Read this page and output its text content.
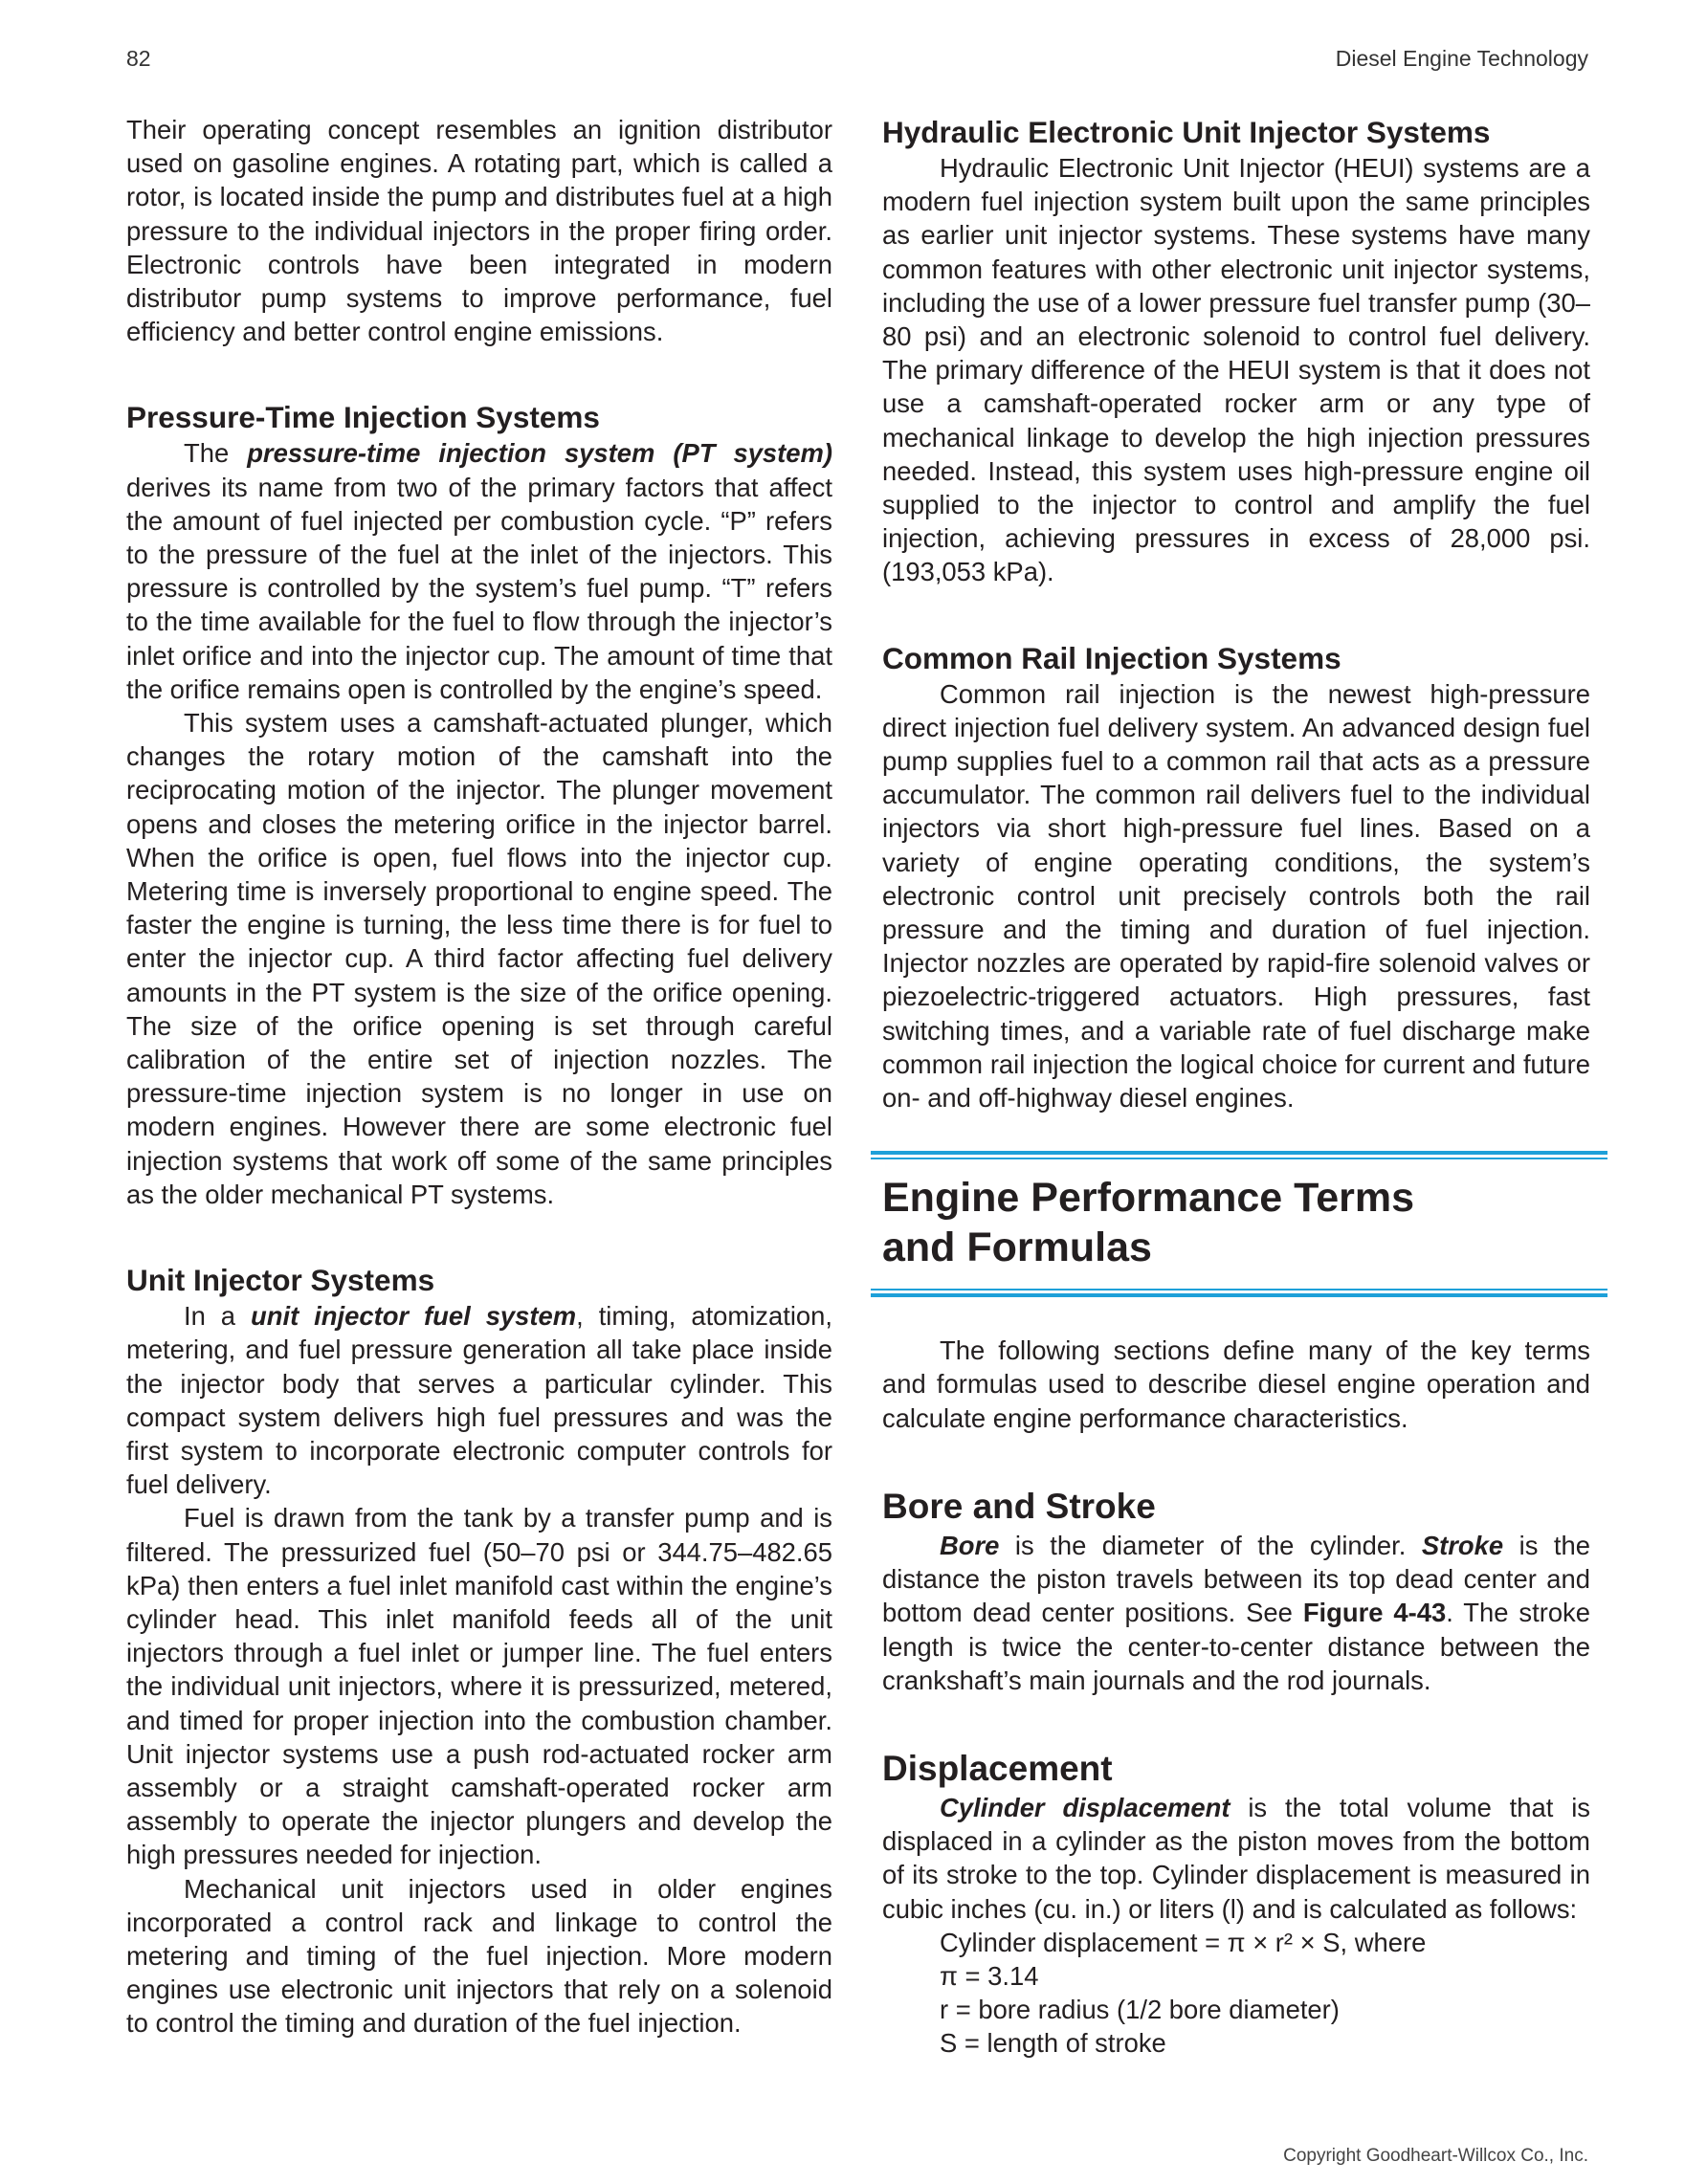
82	Diesel Engine Technology

Their operating concept resembles an ignition distributor used on gasoline engines. A rotating part, which is called a rotor, is located inside the pump and distributes fuel at a high pressure to the individual injectors in the proper firing order. Electronic controls have been integrated in modern distributor pump systems to improve performance, fuel efficiency and better control engine emissions.

Pressure-Time Injection Systems

The pressure-time injection system (PT system) derives its name from two of the primary factors that affect the amount of fuel injected per combustion cycle. “P” refers to the pressure of the fuel at the inlet of the injectors. This pressure is controlled by the system’s fuel pump. “T” refers to the time available for the fuel to flow through the injector’s inlet orifice and into the injector cup. The amount of time that the orifice remains open is controlled by the engine’s speed.

This system uses a camshaft-actuated plunger, which changes the rotary motion of the camshaft into the reciprocating motion of the injector. The plunger movement opens and closes the metering orifice in the injector barrel. When the orifice is open, fuel flows into the injector cup. Metering time is inversely proportional to engine speed. The faster the engine is turning, the less time there is for fuel to enter the injector cup. A third factor affecting fuel delivery amounts in the PT system is the size of the orifice opening. The size of the orifice opening is set through careful calibration of the entire set of injection nozzles. The pressure-time injection system is no longer in use on modern engines. However there are some electronic fuel injection systems that work off some of the same principles as the older mechanical PT systems.

Unit Injector Systems

In a unit injector fuel system, timing, atomization, metering, and fuel pressure generation all take place inside the injector body that serves a particular cylinder. This compact system delivers high fuel pressures and was the first system to incorporate electronic computer controls for fuel delivery.

Fuel is drawn from the tank by a transfer pump and is filtered. The pressurized fuel (50–70 psi or 344.75–482.65 kPa) then enters a fuel inlet manifold cast within the engine’s cylinder head. This inlet manifold feeds all of the unit injectors through a fuel inlet or jumper line. The fuel enters the individual unit injectors, where it is pressurized, metered, and timed for proper injection into the combustion chamber. Unit injector systems use a push rod-actuated rocker arm assembly or a straight camshaft-operated rocker arm assembly to operate the injector plungers and develop the high pressures needed for injection.

Mechanical unit injectors used in older engines incorporated a control rack and linkage to control the metering and timing of the fuel injection. More modern engines use electronic unit injectors that rely on a solenoid to control the timing and duration of the fuel injection.

Hydraulic Electronic Unit Injector Systems

Hydraulic Electronic Unit Injector (HEUI) systems are a modern fuel injection system built upon the same principles as earlier unit injector systems. These systems have many common features with other electronic unit injector systems, including the use of a lower pressure fuel transfer pump (30–80 psi) and an electronic solenoid to control fuel delivery. The primary difference of the HEUI system is that it does not use a camshaft-operated rocker arm or any type of mechanical linkage to develop the high injection pressures needed. Instead, this system uses high-pressure engine oil supplied to the injector to control and amplify the fuel injection, achieving pressures in excess of 28,000 psi. (193,053 kPa).

Common Rail Injection Systems

Common rail injection is the newest high-pressure direct injection fuel delivery system. An advanced design fuel pump supplies fuel to a common rail that acts as a pressure accumulator. The common rail delivers fuel to the individual injectors via short high-pressure fuel lines. Based on a variety of engine operating conditions, the system’s electronic control unit precisely controls both the rail pressure and the timing and duration of fuel injection. Injector nozzles are operated by rapid-fire solenoid valves or piezoelectric-triggered actuators. High pressures, fast switching times, and a variable rate of fuel discharge make common rail injection the logical choice for current and future on- and off-highway diesel engines.

Engine Performance Terms
and Formulas

The following sections define many of the key terms and formulas used to describe diesel engine operation and calculate engine performance characteristics.

Bore and Stroke

Bore is the diameter of the cylinder. Stroke is the distance the piston travels between its top dead center and bottom dead center positions. See Figure 4-43. The stroke length is twice the center-to-center distance between the crankshaft’s main journals and the rod journals.

Displacement

Cylinder displacement is the total volume that is displaced in a cylinder as the piston moves from the bottom of its stroke to the top. Cylinder displacement is measured in cubic inches (cu. in.) or liters (l) and is calculated as follows:

Cylinder displacement = π × r² × S, where

π = 3.14

r = bore radius (1/2 bore diameter)

S = length of stroke

Copyright Goodheart-Willcox Co., Inc.
